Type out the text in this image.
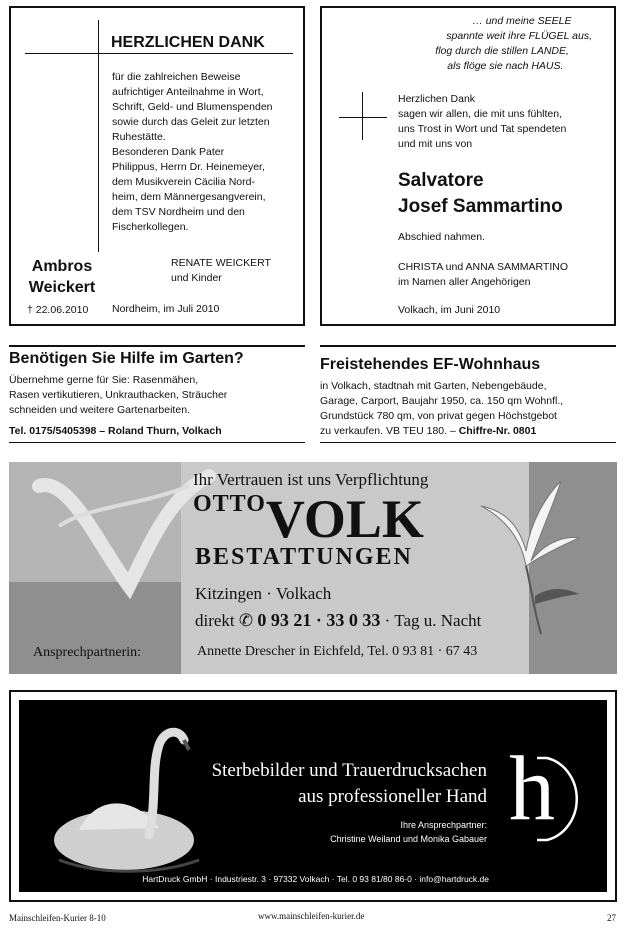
HERZLICHEN DANK
für die zahlreichen Beweise
aufrichtiger Anteilnahme in Wort,
Schrift, Geld- und Blumenspenden
sowie durch das Geleit zur letzten
Ruhestätte.
Besonderen Dank Pater
Philippus, Herrn Dr. Heinemeyer,
dem Musikverein Cäcilia Nord-
heim, dem Männergesangverein,
dem TSV Nordheim und den
Fischerkollegen.
Ambros
Weickert
† 22.06.2010
RENATE WEICKERT
und Kinder
Nordheim, im Juli 2010
… und meine SEELE
spannte weit ihre FLÜGEL aus,
flog durch die stillen LANDE,
als flöge sie nach HAUS.
Herzlichen Dank
sagen wir allen, die mit uns fühlten,
uns Trost in Wort und Tat spendeten
und mit uns von
Salvatore
Josef Sammartino
Abschied nahmen.
CHRISTA und ANNA SAMMARTINO
im Namen aller Angehörigen
Volkach, im Juni 2010
Benötigen Sie Hilfe im Garten?
Übernehme gerne für Sie: Rasenmähen,
Rasen vertikutieren, Unkrauthacken, Sträucher
schneiden und weitere Gartenarbeiten.
Tel. 0175/5405398 – Roland Thurn, Volkach
Freistehendes EF-Wohnhaus
in Volkach, stadtnah mit Garten, Nebengebäude,
Garage, Carport, Baujahr 1950, ca. 150 qm Wohnfl.,
Grundstück 780 qm, von privat gegen Höchstgebot
zu verkaufen. VB TEU 180. – Chiffre-Nr. 0801
Ihr Vertrauen ist uns Verpflichtung
OTTOVOLK
BESTATTUNGEN
Kitzingen · Volkach
direkt ✆ 0 93 21 · 33 0 33 · Tag u. Nacht
Ansprechpartnerin:	Annette Drescher in Eichfeld, Tel. 0 93 81 · 67 43
Sterbebilder und Trauerdrucksachen
aus professioneller Hand
Ihre Ansprechpartner:
Christine Weiland und Monika Gabauer h
HartDruck GmbH · Industriestr. 3 · 97332 Volkach · Tel. 0 93 81/80 86-0 · info@hartdruck.de
Mainschleifen-Kurier 8-10	www.mainschleifen-kurier.de	27
